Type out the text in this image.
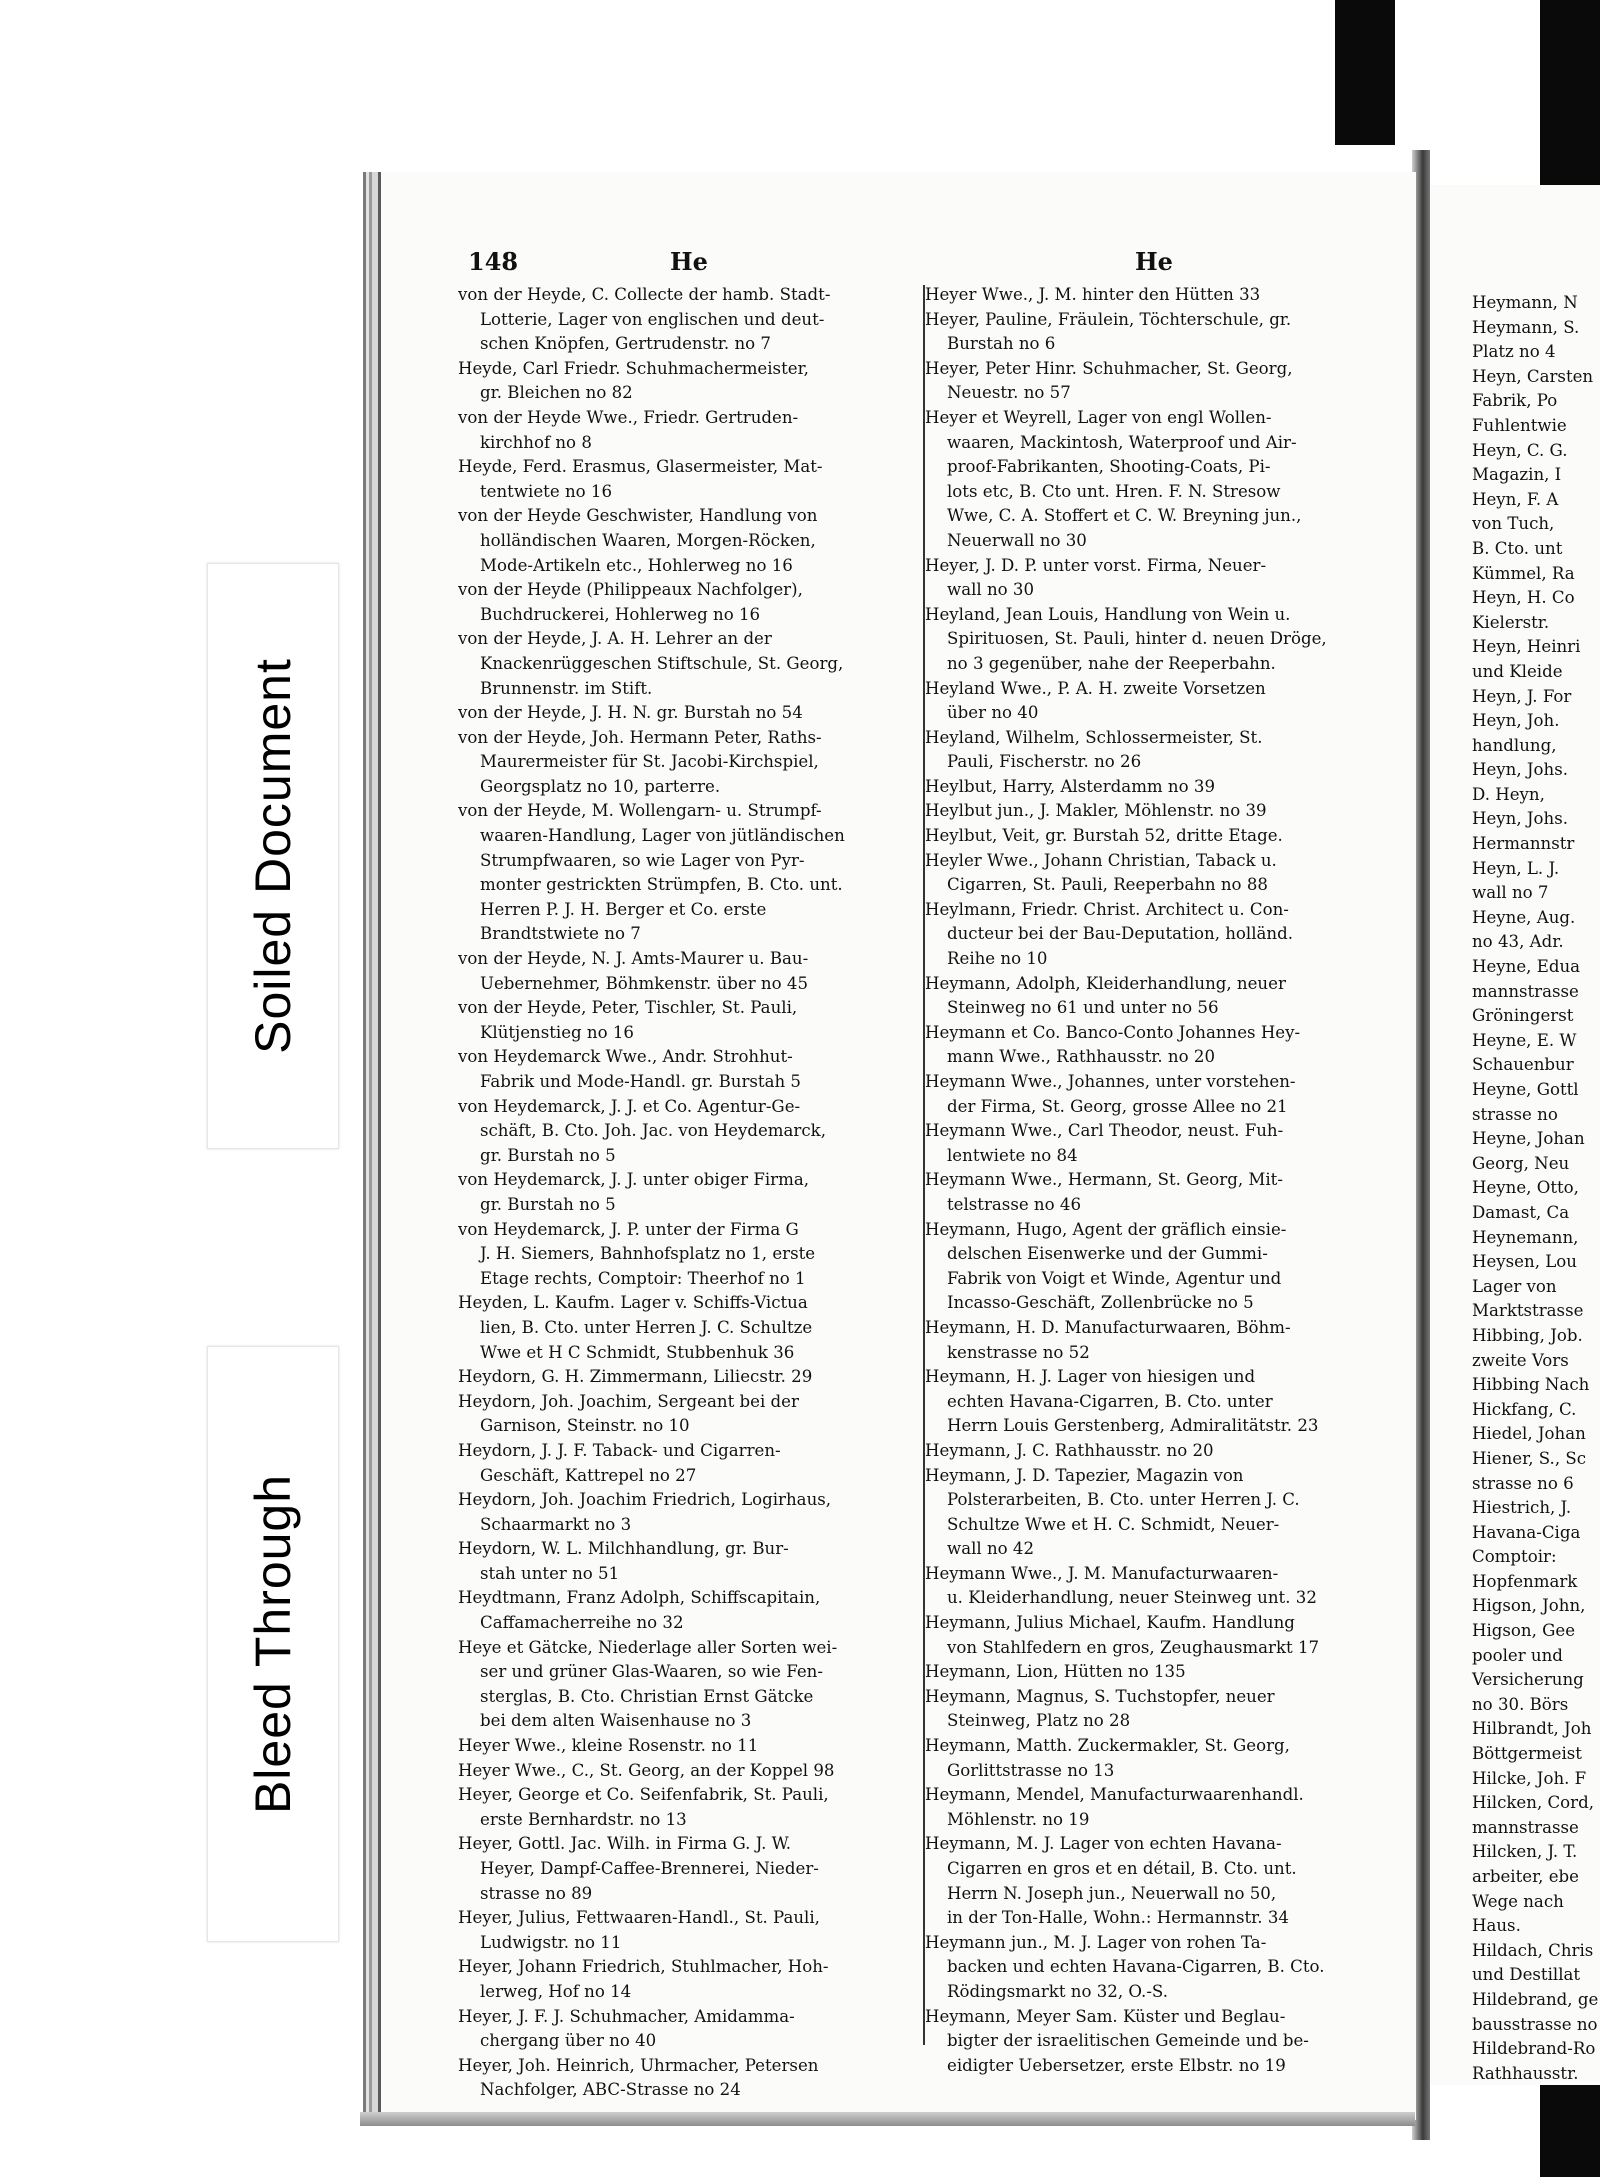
148	He	He

von der Heyde, C. Collecte der hamb. Stadt-
Lotterie, Lager von englischen und deut-
schen Knöpfen, Gertrudenstr. no 7

Heyde, Carl Friedr. Schuhmachermeister,
gr. Bleichen no 82

von der Heyde Wwe., Friedr. Gertruden-
kirchhof no 8

Heyde, Ferd. Erasmus, Glasermeister, Mat-
tentwiete no 16

von der Heyde Geschwister, Handlung von
holländischen Waaren, Morgen-Röcken,
Mode-Artikeln etc., Hohlerweg no 16

von der Heyde (Philippeaux Nachfolger),
Buchdruckerei, Hohlerweg no 16

von der Heyde, J. A. H. Lehrer an der
Knackenrüggeschen Stiftschule, St. Georg,
Brunnenstr. im Stift.

von der Heyde, J. H. N. gr. Burstah no 54

von der Heyde, Joh. Hermann Peter, Raths-
Maurermeister für St. Jacobi-Kirchspiel,
Georgsplatz no 10, parterre.

von der Heyde, M. Wollengarn- u. Strumpf-
waaren-Handlung, Lager von jütländischen
Strumpfwaaren, so wie Lager von Pyr-
monter gestrickten Strümpfen, B. Cto. unt.
Herren P. J. H. Berger et Co. erste
Brandtstwiete no 7

von der Heyde, N. J. Amts-Maurer u. Bau-
Uebernehmer, Böhmkenstr. über no 45

von der Heyde, Peter, Tischler, St. Pauli,
Klütjenstieg no 16

von Heydemarck Wwe., Andr. Strohhut-
Fabrik und Mode-Handl. gr. Burstah 5

von Heydemarck, J. J. et Co. Agentur-Ge-
schäft, B. Cto. Joh. Jac. von Heydemarck,
gr. Burstah no 5

von Heydemarck, J. J. unter obiger Firma,
gr. Burstah no 5

von Heydemarck, J. P. unter der Firma G
J. H. Siemers, Bahnhofsplatz no 1, erste
Etage rechts, Comptoir: Theerhof no 1

Heyden, L. Kaufm. Lager v. Schiffs-Victua
lien, B. Cto. unter Herren J. C. Schultze
Wwe et H C Schmidt, Stubbenhuk 36

Heydorn, G. H. Zimmermann, Liliecstr. 29

Heydorn, Joh. Joachim, Sergeant bei der
Garnison, Steinstr. no 10

Heydorn, J. J. F. Taback- und Cigarren-
Geschäft, Kattrepel no 27

Heydorn, Joh. Joachim Friedrich, Logirhaus,
Schaarmarkt no 3

Heydorn, W. L. Milchhandlung, gr. Bur-
stah unter no 51

Heydtmann, Franz Adolph, Schiffscapitain,
Caffamacherreihe no 32

Heye et Gätcke, Niederlage aller Sorten wei-
ser und grüner Glas-Waaren, so wie Fen-
sterglas, B. Cto. Christian Ernst Gätcke
bei dem alten Waisenhause no 3

Heyer Wwe., kleine Rosenstr. no 11

Heyer Wwe., C., St. Georg, an der Koppel 98

Heyer, George et Co. Seifenfabrik, St. Pauli,
erste Bernhardstr. no 13

Heyer, Gottl. Jac. Wilh. in Firma G. J. W.
Heyer, Dampf-Caffee-Brennerei, Nieder-
strasse no 89

Heyer, Julius, Fettwaaren-Handl., St. Pauli,
Ludwigstr. no 11

Heyer, Johann Friedrich, Stuhlmacher, Hoh-
lerweg, Hof no 14

Heyer, J. F. J. Schuhmacher, Amidamma-
chergang über no 40

Heyer, Joh. Heinrich, Uhrmacher, Petersen
Nachfolger, ABC-Strasse no 24

Heyer Wwe., J. M. hinter den Hütten 33

Heyer, Pauline, Fräulein, Töchterschule, gr.
Burstah no 6

Heyer, Peter Hinr. Schuhmacher, St. Georg,
Neuestr. no 57

Heyer et Weyrell, Lager von engl Wollen-
waaren, Mackintosh, Waterproof und Air-
proof-Fabrikanten, Shooting-Coats, Pi-
lots etc, B. Cto unt. Hren. F. N. Stresow
Wwe, C. A. Stoffert et C. W. Breyning jun.,
Neuerwall no 30

Heyer, J. D. P. unter vorst. Firma, Neuer-
wall no 30

Heyland, Jean Louis, Handlung von Wein u.
Spirituosen, St. Pauli, hinter d. neuen Dröge,
no 3 gegenüber, nahe der Reeperbahn.

Heyland Wwe., P. A. H. zweite Vorsetzen
über no 40

Heyland, Wilhelm, Schlossermeister, St.
Pauli, Fischerstr. no 26

Heylbut, Harry, Alsterdamm no 39

Heylbut jun., J. Makler, Möhlenstr. no 39

Heylbut, Veit, gr. Burstah 52, dritte Etage.

Heyler Wwe., Johann Christian, Taback u.
Cigarren, St. Pauli, Reeperbahn no 88

Heylmann, Friedr. Christ. Architect u. Con-
ducteur bei der Bau-Deputation, holländ.
Reihe no 10

Heymann, Adolph, Kleiderhandlung, neuer
Steinweg no 61 und unter no 56

Heymann et Co. Banco-Conto Johannes Hey-
mann Wwe., Rathhausstr. no 20

Heymann Wwe., Johannes, unter vorstehen-
der Firma, St. Georg, grosse Allee no 21

Heymann Wwe., Carl Theodor, neust. Fuh-
lentwiete no 84

Heymann Wwe., Hermann, St. Georg, Mit-
telstrasse no 46

Heymann, Hugo, Agent der gräflich einsie-
delschen Eisenwerke und der Gummi-
Fabrik von Voigt et Winde, Agentur und
Incasso-Geschäft, Zollenbrücke no 5

Heymann, H. D. Manufacturwaaren, Böhm-
kenstrasse no 52

Heymann, H. J. Lager von hiesigen und
echten Havana-Cigarren, B. Cto. unter
Herrn Louis Gerstenberg, Admiralitätstr. 23

Heymann, J. C. Rathhausstr. no 20

Heymann, J. D. Tapezier, Magazin von
Polsterarbeiten, B. Cto. unter Herren J. C.
Schultze Wwe et H. C. Schmidt, Neuer-
wall no 42

Heymann Wwe., J. M. Manufacturwaaren-
u. Kleiderhandlung, neuer Steinweg unt. 32

Heymann, Julius Michael, Kaufm. Handlung
von Stahlfedern en gros, Zeughausmarkt 17

Heymann, Lion, Hütten no 135

Heymann, Magnus, S. Tuchstopfer, neuer
Steinweg, Platz no 28

Heymann, Matth. Zuckermakler, St. Georg,
Gorlittstrasse no 13

Heymann, Mendel, Manufacturwaarenhandl.
Möhlenstr. no 19

Heymann, M. J. Lager von echten Havana-
Cigarren en gros et en détail, B. Cto. unt.
Herrn N. Joseph jun., Neuerwall no 50,
in der Ton-Halle, Wohn.: Hermannstr. 34

Heymann jun., M. J. Lager von rohen Ta-
backen und echten Havana-Cigarren, B. Cto.
Rödingsmarkt no 32, O.-S.

Heymann, Meyer Sam. Küster und Beglau-
bigter der israelitischen Gemeinde und be-
eidigter Uebersetzer, erste Elbstr. no 19

Heymann, N
Heymann, S.
Platz no 4
Heyn, Carsten
Fabrik, Po
Fuhlentwie
Heyn, C. G.
Magazin, I
Heyn, F. A
von Tuch,
B. Cto. unt
Kümmel, Ra
Heyn, H. Co
Kielerstr.
Heyn, Heinri
und Kleide
Heyn, J. For
Heyn, Joh.
handlung,
Heyn, Johs.
D. Heyn,
Heyn, Johs.
Hermannstr
Heyn, L. J.
wall no 7
Heyne, Aug.
no 43, Adr.
Heyne, Edua
mannstrasse
Gröningerst
Heyne, E. W
Schauenbur
Heyne, Gottl
strasse no
Heyne, Johan
Georg, Neu
Heyne, Otto,
Damast, Ca
Heynemann,
Heysen, Lou
Lager von
Marktstrasse
Hibbing, Job.
zweite Vors
Hibbing Nach
Hickfang, C.
Hiedel, Johan
Hiener, S., Sc
strasse no 6
Hiestrich, J.
Havana-Ciga
Comptoir:
Hopfenmark
Higson, John,
Higson, Gee
pooler und
Versicherung
no 30. Börs
Hilbrandt, Joh
Böttgermeist
Hilcke, Joh. F
Hilcken, Cord,
mannstrasse
Hilcken, J. T.
arbeiter, ebe
Wege nach
Haus.
Hildach, Chris
und Destillat
Hildebrand, ge
bausstrasse no
Hildebrand-Ro
Rathhausstr.
Soiled Document
Bleed Through
